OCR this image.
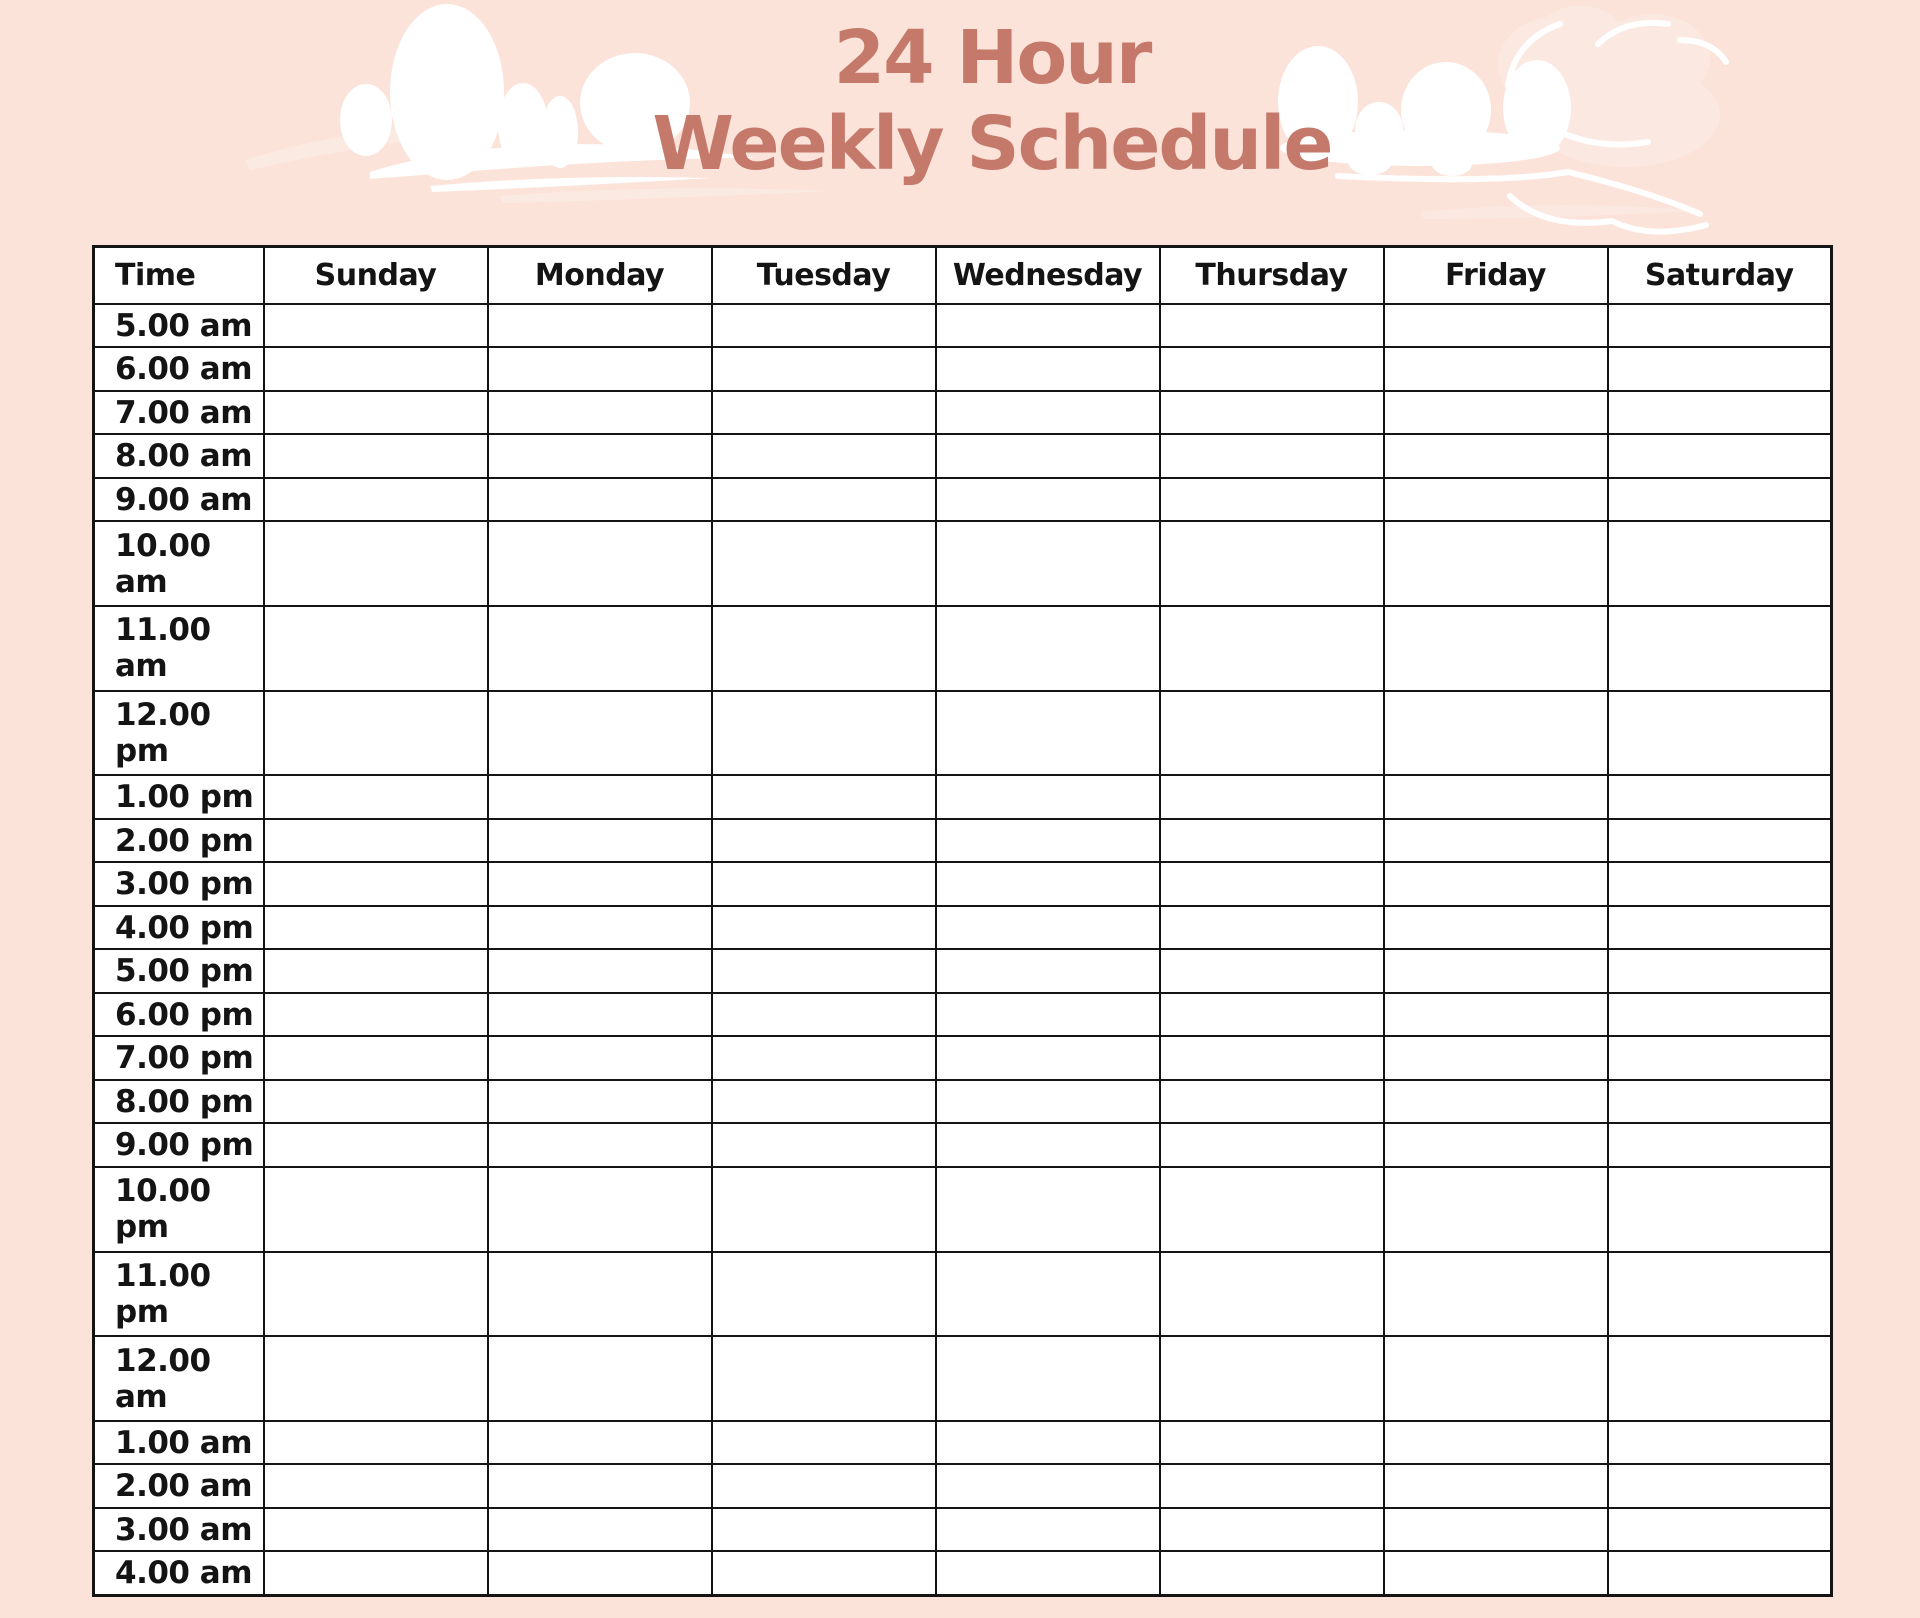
24 Hour
Weekly Schedule
Time	Sunday	Monday	Tuesday	Wednesday	Thursday	Friday	Saturday
5.00 am							
6.00 am							
7.00 am							
8.00 am							
9.00 am							
10.00 am							
11.00 am							
12.00 pm							
1.00 pm							
2.00 pm							
3.00 pm							
4.00 pm							
5.00 pm							
6.00 pm							
7.00 pm							
8.00 pm							
9.00 pm							
10.00 pm							
11.00 pm							
12.00 am							
1.00 am							
2.00 am							
3.00 am							
4.00 am							
